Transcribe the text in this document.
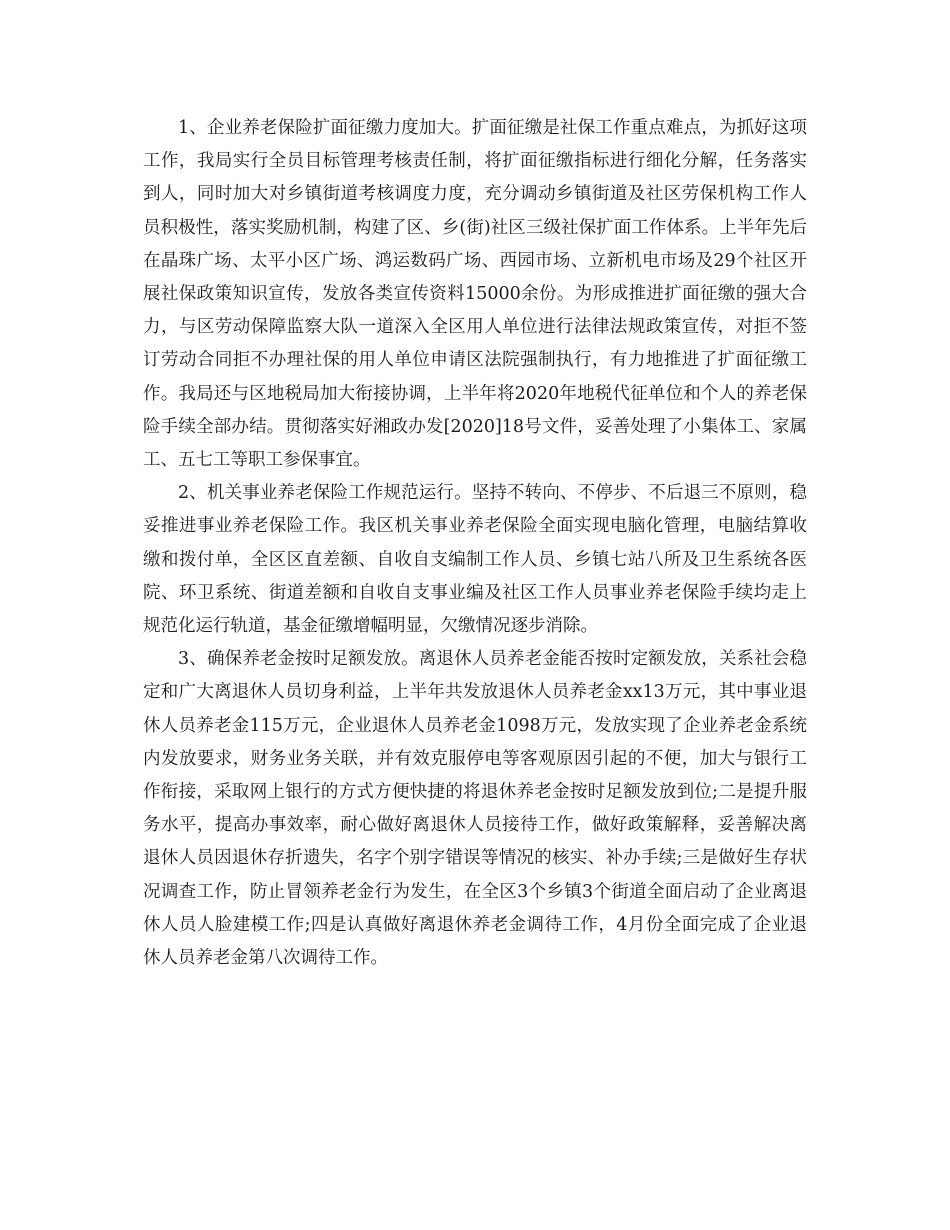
1、企业养老保险扩面征缴力度加大。扩面征缴是社保工作重点难点，为抓好这项工作，我局实行全员目标管理考核责任制，将扩面征缴指标进行细化分解，任务落实到人，同时加大对乡镇街道考核调度力度，充分调动乡镇街道及社区劳保机构工作人员积极性，落实奖励机制，构建了区、乡(街)社区三级社保扩面工作体系。上半年先后在晶珠广场、太平小区广场、鸿运数码广场、西园市场、立新机电市场及29个社区开展社保政策知识宣传，发放各类宣传资料15000余份。为形成推进扩面征缴的强大合力，与区劳动保障监察大队一道深入全区用人单位进行法律法规政策宣传，对拒不签订劳动合同拒不办理社保的用人单位申请区法院强制执行，有力地推进了扩面征缴工作。我局还与区地税局加大衔接协调，上半年将2020年地税代征单位和个人的养老保险手续全部办结。贯彻落实好湘政办发[2020]18号文件，妥善处理了小集体工、家属工、五七工等职工参保事宜。

2、机关事业养老保险工作规范运行。坚持不转向、不停步、不后退三不原则，稳妥推进事业养老保险工作。我区机关事业养老保险全面实现电脑化管理，电脑结算收缴和拨付单，全区区直差额、自收自支编制工作人员、乡镇七站八所及卫生系统各医院、环卫系统、街道差额和自收自支事业编及社区工作人员事业养老保险手续均走上规范化运行轨道，基金征缴增幅明显，欠缴情况逐步消除。

3、确保养老金按时足额发放。离退休人员养老金能否按时定额发放，关系社会稳定和广大离退休人员切身利益，上半年共发放退休人员养老金xx13万元，其中事业退休人员养老金115万元，企业退休人员养老金1098万元，发放实现了企业养老金系统内发放要求，财务业务关联，并有效克服停电等客观原因引起的不便，加大与银行工作衔接，采取网上银行的方式方便快捷的将退休养老金按时足额发放到位;二是提升服务水平，提高办事效率，耐心做好离退休人员接待工作，做好政策解释，妥善解决离退休人员因退休存折遗失，名字个别字错误等情况的核实、补办手续;三是做好生存状况调查工作，防止冒领养老金行为发生，在全区3个乡镇3个街道全面启动了企业离退休人员人脸建模工作;四是认真做好离退休养老金调待工作，4月份全面完成了企业退休人员养老金第八次调待工作。
